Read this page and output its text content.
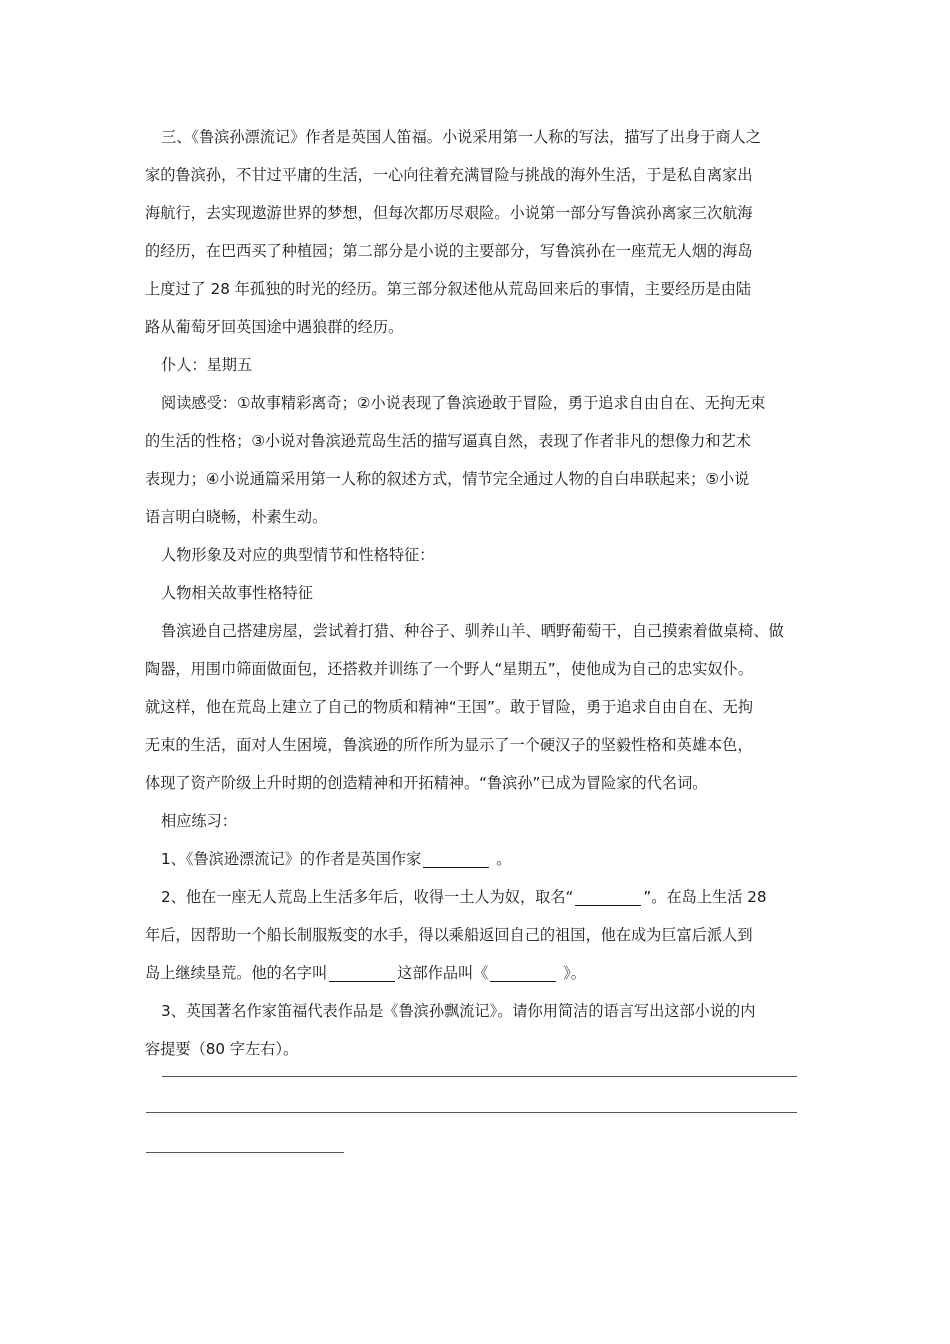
三、《鲁滨孙漂流记》作者是英国人笛福。小说采用第一人称的写法，描写了出身于商人之

家的鲁滨孙，不甘过平庸的生活，一心向往着充满冒险与挑战的海外生活，于是私自离家出

海航行，去实现遨游世界的梦想，但每次都历尽艰险。小说第一部分写鲁滨孙离家三次航海

的经历，在巴西买了种植园；第二部分是小说的主要部分，写鲁滨孙在一座荒无人烟的海岛

上度过了 28 年孤独的时光的经历。第三部分叙述他从荒岛回来后的事情，主要经历是由陆

路从葡萄牙回英国途中遇狼群的经历。

仆人：星期五

阅读感受：①故事精彩离奇；②小说表现了鲁滨逊敢于冒险，勇于追求自由自在、无拘无束

的生活的性格；③小说对鲁滨逊荒岛生活的描写逼真自然，表现了作者非凡的想像力和艺术

表现力；④小说通篇采用第一人称的叙述方式，情节完全通过人物的自白串联起来；⑤小说

语言明白晓畅，朴素生动。

人物形象及对应的典型情节和性格特征：

人物相关故事性格特征

鲁滨逊自己搭建房屋，尝试着打猎、种谷子、驯养山羊、晒野葡萄干，自己摸索着做桌椅、做

陶器，用围巾筛面做面包，还搭救并训练了一个野人“星期五”，使他成为自己的忠实奴仆。

就这样，他在荒岛上建立了自己的物质和精神“王国”。敢于冒险，勇于追求自由自在、无拘

无束的生活，面对人生困境，鲁滨逊的所作所为显示了一个硬汉子的坚毅性格和英雄本色，

体现了资产阶级上升时期的创造精神和开拓精神。“鲁滨孙”已成为冒险家的代名词。

相应练习：

1、《鲁滨逊漂流记》的作者是英国作家	。

2、他在一座无人荒岛上生活多年后，收得一土人为奴，取名“	”。在岛上生活 28

年后，因帮助一个船长制服叛变的水手，得以乘船返回自己的祖国，他在成为巨富后派人到

岛上继续垦荒。他的名字叫	这部作品叫《	》。

3、英国著名作家笛福代表作品是《鲁滨孙飘流记》。请你用简洁的语言写出这部小说的内

容提要（80 字左右）。
